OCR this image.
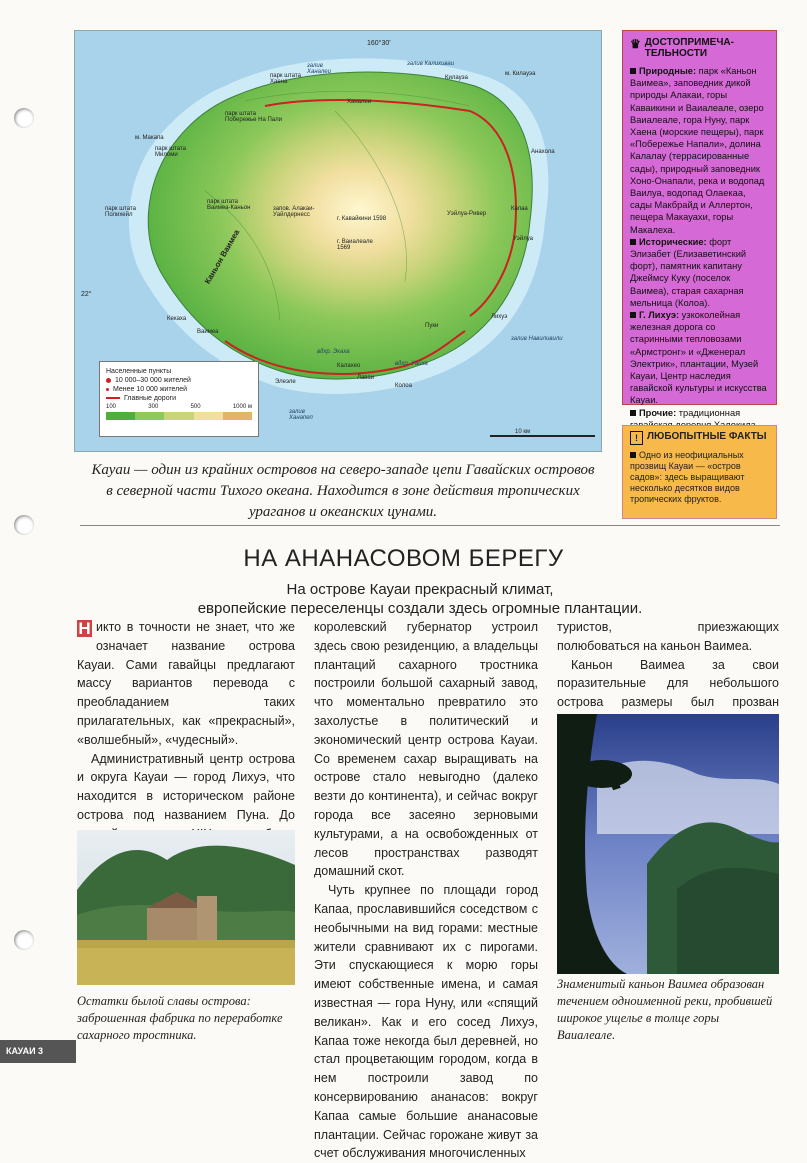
160°30'
22°
10 км
парк штата Хаена
парк штата Побережье На Пали
м. Макапа
парк штата Миломи
парк штата Полихейл
парк штата Ваимеа-Каньон	запов. Алакаи-Уайлдернесс
г. Кавайкини 1598
г. Ваиалеале 1569
Ханалеи
Кекаха
Ваимеа
Элеэлe
Калахео
Лаваи
Колоа
Пуки
Лихуэ
Капаа
Анахола
Килауэа
м. Килауэа
залив Ханалеи
залив Калихиваи
Уэйлуа-Ривер
Уэйлуа
залив Навиливили
залив Ханапеп
вдхр. Экаха
вдхр. Уайха
Каньон Ваимеа
Населенные пункты
10 000–30 000 жителей
Менее 10 000 жителей
Главные дороги
100	300	500	1000 м
♛ ДОСТОПРИМЕЧА-ТЕЛЬНОСТИ

Природные: парк «Каньон Ваимеа», заповедник дикой природы Алакаи, горы Каваикини и Ваиалеале, озеро Ваиалеале, гора Нуну, парк Хаена (морские пещеры), парк «Побережье Напали», долина Калалау (террасированные сады), природный заповедник Хоно-Онапали, река и водопад Ваилуа, водопад Олаекаа, сады Макбрайд и Аллертон, пещера Макауахи, горы Макалеха.

Исторические: форт Элизабет (Елизаветинский форт), памятник капитану Джеймсу Куку (поселок Ваимеа), старая сахарная мельница (Колоа).

Г. Лихуэ: узкоколейная железная дорога со старинными тепловозами «Армстронг» и «Дженерал Электрик», плантации, Музей Кауаи, Центр наследия гавайской культуры и искусства Кауаи.

Прочие: традиционная

! ЛЮБОПЫТНЫЕ ФАКТЫ
Одно из неофициальных прозвищ Кауаи — «остров садов»: здесь выращивают несколько десятков видов тропических фруктов.
Кауаи — один из крайних островов на северо-западе цепи Гавайских островов в северной части Тихого океана. Находится в зоне действия тропических ураганов и океанских цунами.
НА АНАНАСОВОМ БЕРЕГУ
На острове Кауаи прекрасный климат,
европейские переселенцы создали здесь огромные плантации.

Н икто в точности не знает, что же означает название острова Кауаи. Сами гавайцы предлагают массу вариантов перевода с преобладанием таких прилагательных, как «прекрасный», «волшебный», «чудесный».

Административный центр острова и округа Кауаи — город Лихуэ, что находится в историческом районе острова под названием Пуна. До

королевский губернатор устроил здесь свою резиденцию, а владельцы плантаций сахарного тростника построили большой сахарный завод, что моментально превратило это захолустье в политический и экономический центр острова Кауаи. Со временем сахар выращивать на острове стало невыгодно (далеко везти до континента), и сейчас вокруг города все засеяно зерновыми культурами, а на освобожденных от лесов пространствах разводят домашний скот.

Чуть крупнее по площади город Капаа, прославившийся соседством с необычными на вид горами: местные жители сравнивают их с пирогами. Эти спускающиеся к морю горы имеют собственные имена, и самая известная — гора Нуну, или «спящий великан». Как и его сосед Лихуэ, Капаа тоже некогда был деревней, но стал процветающим городом, когда в нем построили завод по консервированию ананасов: вокруг Капаа самые большие ананасовые плантации. Сейчас горожане живут за счет обслуживания многочисленных

туристов, приезжающих полюбоваться на каньон Ваимеа.

Каньон Ваимеа за свои поразительные для небольшого острова размеры был прозван

Остатки былой славы острова: заброшенная фабрика по переработке сахарного тростника.
Знаменитый каньон Ваимеа образован течением одноименной реки, пробившей широкое ущелье в толще горы Ваиалеале.
КАУАИ 3
